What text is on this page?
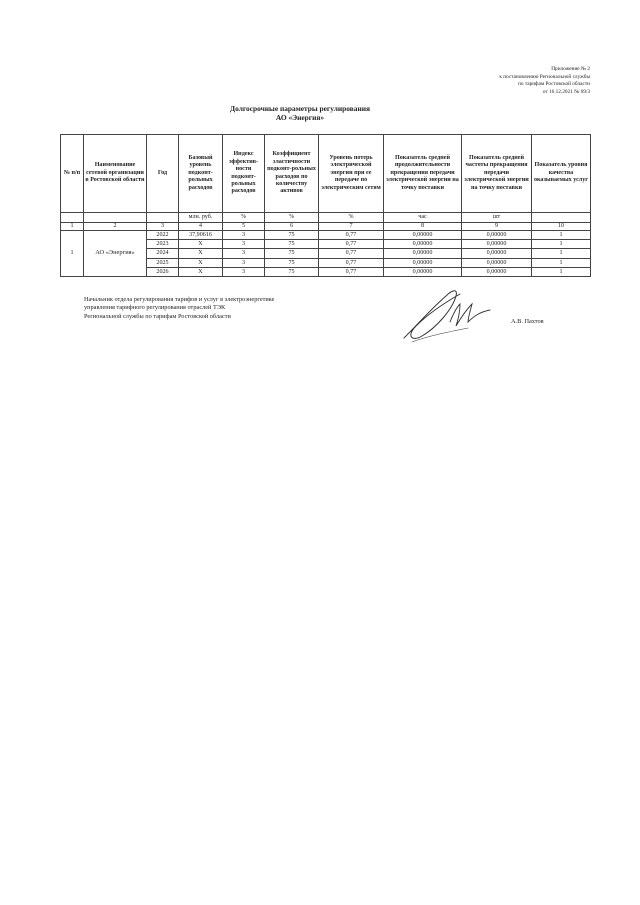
Приложение № 2
к постановлению Региональной службы
по тарифам Ростовской области
от 16.12.2021 № 69/3
Долгосрочные параметры регулирования
АО «Энергия»
№ п/п	Наименование сетевой организации в Ростовской области	Год	Базовый уровень подконт-рольных расходов	Индекс эффектив-ности подконт-рольных расходов	Коэффициент эластичности подконт-рольных расходов по количеству активов	Уровень потерь электрической энергии при ее передаче по электрическим сетям	Показатель средней продолжительности прекращения передачи электрической энергии на точку поставки	Показатель средней частоты прекращения передачи электрической энергии на точку поставки	Показатель уровня качества оказываемых услуг
			млн. руб.	%	%	%	час	шт	
1	2	3	4	5	6	7	8	9	10
1	АО «Энергия»	2022	37,90616	3	75	0,77	0,00000	0,00000	1
		2023	X	3	75	0,77	0,00000	0,00000	1
		2024	X	3	75	0,77	0,00000	0,00000	1
		2025	X	3	75	0,77	0,00000	0,00000	1
		2026	X	3	75	0,77	0,00000	0,00000	1
Начальник отдела регулирования тарифов и услуг в электроэнергетике
управления тарифного регулирования отраслей ТЭК
Региональной службы по тарифам Ростовской области
А.В. Пахтов
